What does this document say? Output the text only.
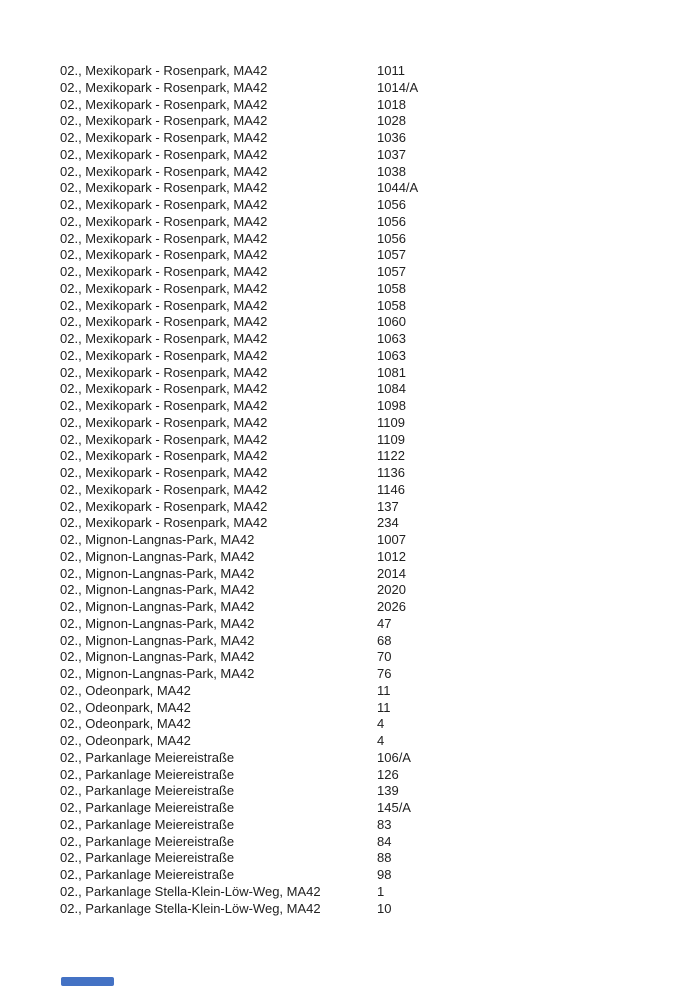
02., Mexikopark - Rosenpark, MA42	1011
02., Mexikopark - Rosenpark, MA42	1014/A
02., Mexikopark - Rosenpark, MA42	1018
02., Mexikopark - Rosenpark, MA42	1028
02., Mexikopark - Rosenpark, MA42	1036
02., Mexikopark - Rosenpark, MA42	1037
02., Mexikopark - Rosenpark, MA42	1038
02., Mexikopark - Rosenpark, MA42	1044/A
02., Mexikopark - Rosenpark, MA42	1056
02., Mexikopark - Rosenpark, MA42	1056
02., Mexikopark - Rosenpark, MA42	1056
02., Mexikopark - Rosenpark, MA42	1057
02., Mexikopark - Rosenpark, MA42	1057
02., Mexikopark - Rosenpark, MA42	1058
02., Mexikopark - Rosenpark, MA42	1058
02., Mexikopark - Rosenpark, MA42	1060
02., Mexikopark - Rosenpark, MA42	1063
02., Mexikopark - Rosenpark, MA42	1063
02., Mexikopark - Rosenpark, MA42	1081
02., Mexikopark - Rosenpark, MA42	1084
02., Mexikopark - Rosenpark, MA42	1098
02., Mexikopark - Rosenpark, MA42	1109
02., Mexikopark - Rosenpark, MA42	1109
02., Mexikopark - Rosenpark, MA42	1122
02., Mexikopark - Rosenpark, MA42	1136
02., Mexikopark - Rosenpark, MA42	1146
02., Mexikopark - Rosenpark, MA42	137
02., Mexikopark - Rosenpark, MA42	234
02., Mignon-Langnas-Park, MA42	1007
02., Mignon-Langnas-Park, MA42	1012
02., Mignon-Langnas-Park, MA42	2014
02., Mignon-Langnas-Park, MA42	2020
02., Mignon-Langnas-Park, MA42	2026
02., Mignon-Langnas-Park, MA42	47
02., Mignon-Langnas-Park, MA42	68
02., Mignon-Langnas-Park, MA42	70
02., Mignon-Langnas-Park, MA42	76
02., Odeonpark, MA42	11
02., Odeonpark, MA42	11
02., Odeonpark, MA42	4
02., Odeonpark, MA42	4
02., Parkanlage Meiereistraße	106/A
02., Parkanlage Meiereistraße	126
02., Parkanlage Meiereistraße	139
02., Parkanlage Meiereistraße	145/A
02., Parkanlage Meiereistraße	83
02., Parkanlage Meiereistraße	84
02., Parkanlage Meiereistraße	88
02., Parkanlage Meiereistraße	98
02., Parkanlage Stella-Klein-Löw-Weg, MA42	1
02., Parkanlage Stella-Klein-Löw-Weg, MA42	10
